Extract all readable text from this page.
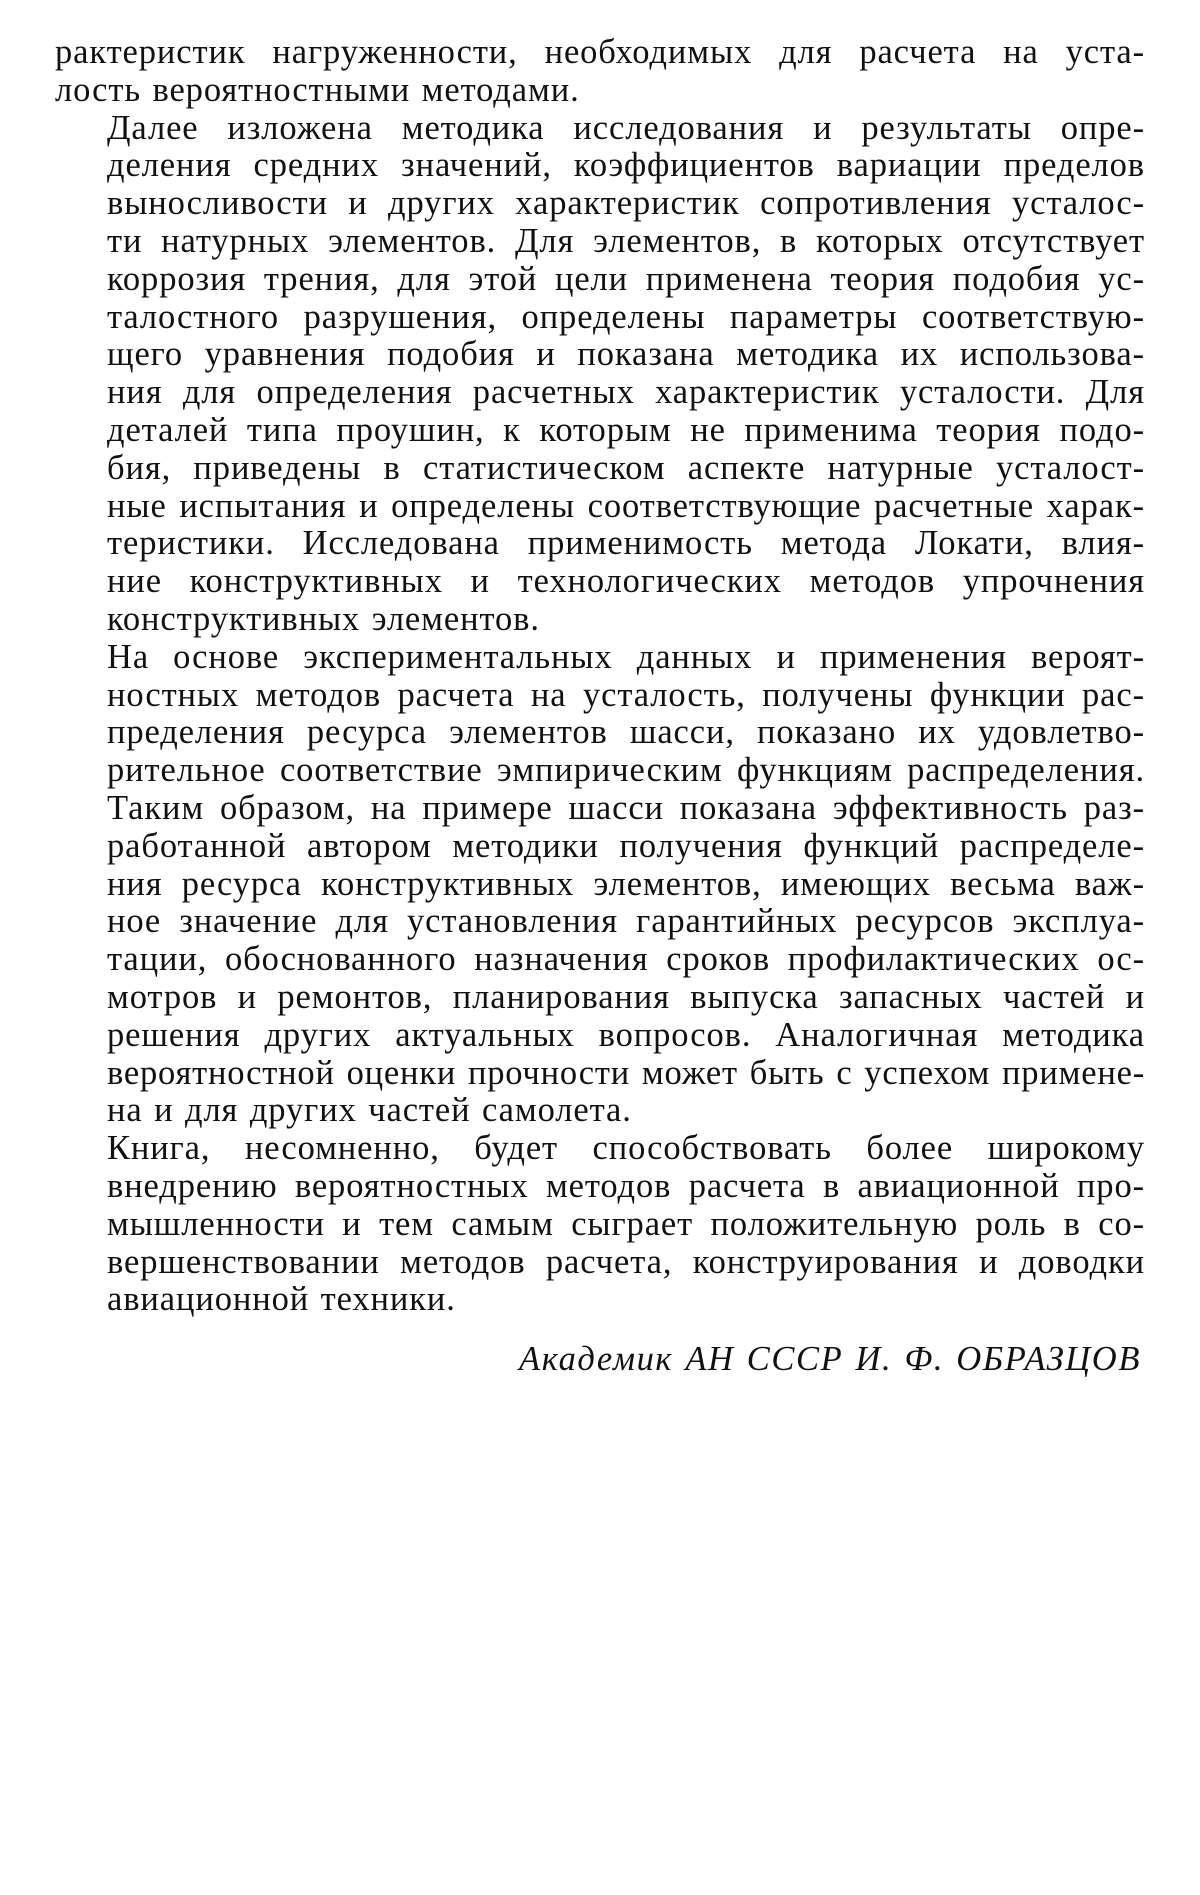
рактеристик нагруженности, необходимых для расчета на уста-
лость вероятностными методами.

Далее изложена методика исследования и результаты опре-
деления средних значений, коэффициентов вариации пределов
выносливости и других характеристик сопротивления усталос-
ти натурных элементов. Для элементов, в которых отсутствует
коррозия трения, для этой цели применена теория подобия ус-
талостного разрушения, определены параметры соответствую-
щего уравнения подобия и показана методика их использова-
ния для определения расчетных характеристик усталости. Для
деталей типа проушин, к которым не применима теория подо-
бия, приведены в статистическом аспекте натурные усталост-
ные испытания и определены соответствующие расчетные харак-
теристики. Исследована применимость метода Локати, влия-
ние конструктивных и технологических методов упрочнения
конструктивных элементов.

На основе экспериментальных данных и применения вероят-
ностных методов расчета на усталость, получены функции рас-
пределения ресурса элементов шасси, показано их удовлетво-
рительное соответствие эмпирическим функциям распределения.
Таким образом, на примере шасси показана эффективность раз-
работанной автором методики получения функций распределе-
ния ресурса конструктивных элементов, имеющих весьма важ-
ное значение для установления гарантийных ресурсов эксплуа-
тации, обоснованного назначения сроков профилактических ос-
мотров и ремонтов, планирования выпуска запасных частей и
решения других актуальных вопросов. Аналогичная методика
вероятностной оценки прочности может быть с успехом примене-
на и для других частей самолета.

Книга, несомненно, будет способствовать более широкому
внедрению вероятностных методов расчета в авиационной про-
мышленности и тем самым сыграет положительную роль в со-
вершенствовании методов расчета, конструирования и доводки
авиационной техники.

Академик АН СССР И. Ф. ОБРАЗЦОВ
